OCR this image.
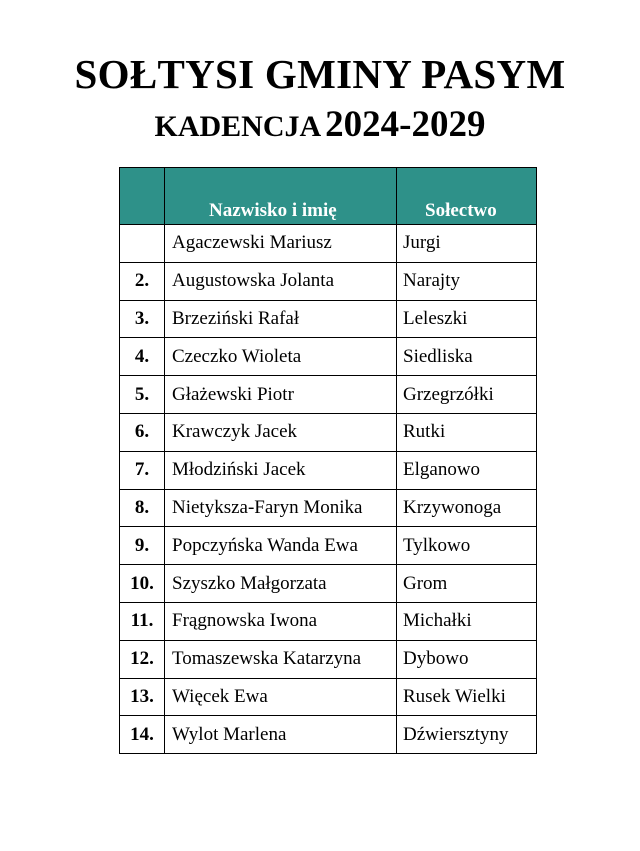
SOŁTYSI GMINY PASYM
KADENCJA 2024-2029
	Nazwisko i imię	Sołectwo
	Agaczewski Mariusz	Jurgi
2.	Augustowska Jolanta	Narajty
3.	Brzeziński Rafał	Leleszki
4.	Czeczko Wioleta	Siedliska
5.	Głażewski Piotr	Grzegrzółki
6.	Krawczyk Jacek	Rutki
7.	Młodziński Jacek	Elganowo
8.	Nietyksza-Faryn Monika	Krzywonoga
9.	Popczyńska Wanda Ewa	Tylkowo
10.	Szyszko Małgorzata	Grom
11.	Frągnowska Iwona	Michałki
12.	Tomaszewska Katarzyna	Dybowo
13.	Więcek Ewa	Rusek Wielki
14.	Wylot Marlena	Dźwiersztyny
